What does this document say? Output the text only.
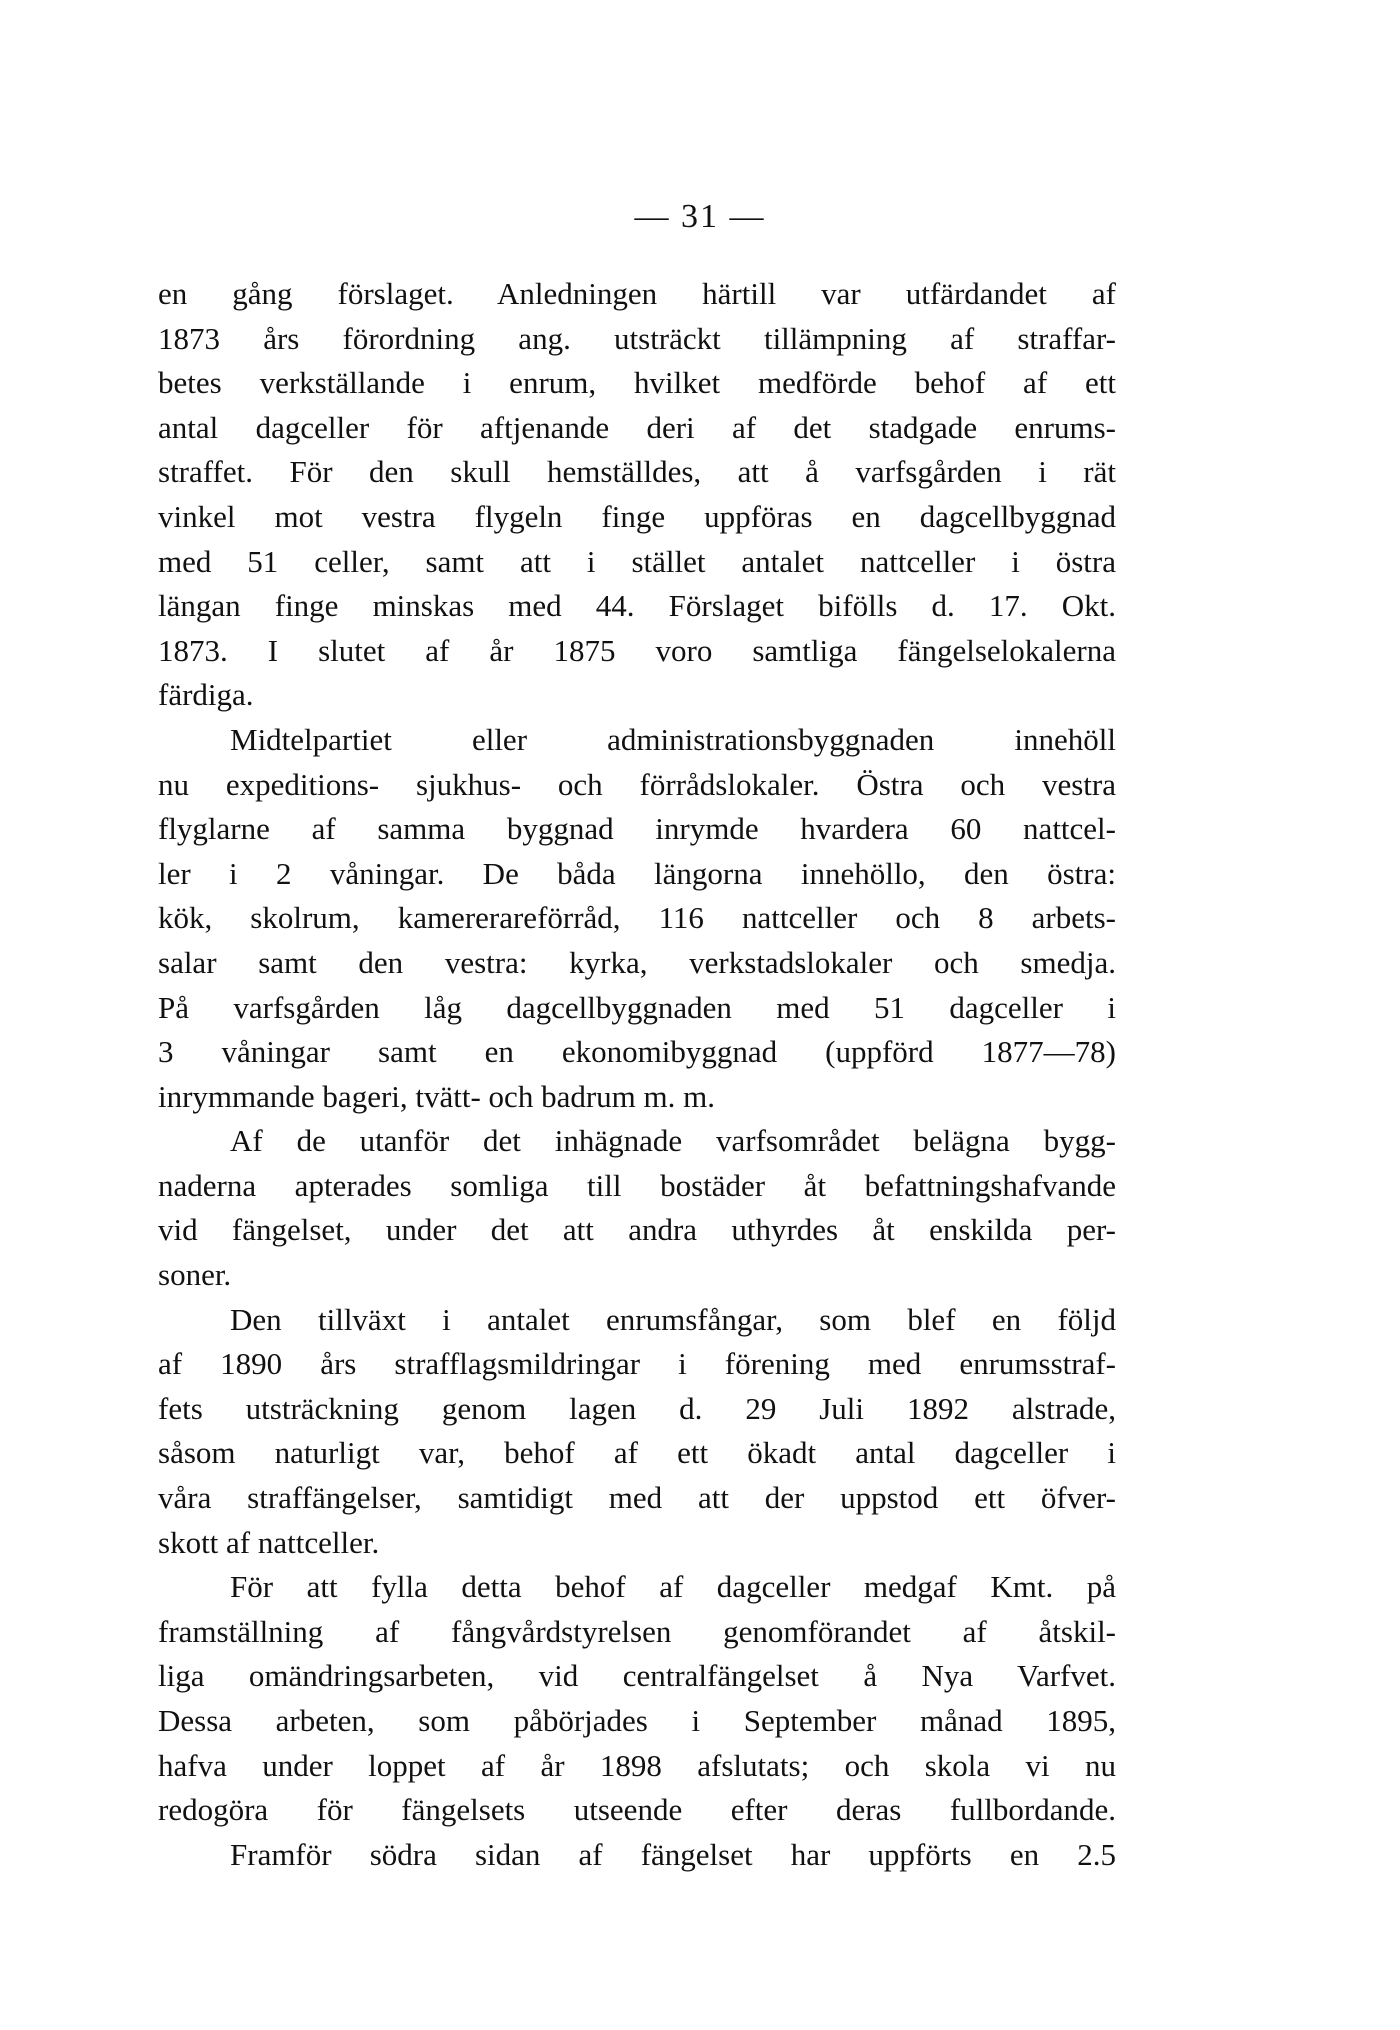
— 31 —
en gång förslaget. Anledningen härtill var utfärdandet af
1873 års förordning ang. utsträckt tillämpning af straffar-
betes verkställande i enrum, hvilket medförde behof af ett
antal dagceller för aftjenande deri af det stadgade enrums-
straffet. För den skull hemställdes, att å varfsgården i rät
vinkel mot vestra flygeln finge uppföras en dagcellbyggnad
med 51 celler, samt att i stället antalet nattceller i östra
längan finge minskas med 44. Förslaget bifölls d. 17. Okt.
1873. I slutet af år 1875 voro samtliga fängelselokalerna
färdiga.
Midtelpartiet eller administrationsbyggnaden innehöll
nu expeditions- sjukhus- och förrådslokaler. Östra och vestra
flyglarne af samma byggnad inrymde hvardera 60 nattcel-
ler i 2 våningar. De båda längorna innehöllo, den östra:
kök, skolrum, kamererareförråd, 116 nattceller och 8 arbets-
salar samt den vestra: kyrka, verkstadslokaler och smedja.
På varfsgården låg dagcellbyggnaden med 51 dagceller i
3 våningar samt en ekonomibyggnad (uppförd 1877—78)
inrymmande bageri, tvätt- och badrum m. m.
Af de utanför det inhägnade varfsområdet belägna bygg-
naderna apterades somliga till bostäder åt befattningshafvande
vid fängelset, under det att andra uthyrdes åt enskilda per-
soner.
Den tillväxt i antalet enrumsfångar, som blef en följd
af 1890 års strafflagsmildringar i förening med enrumsstraf-
fets utsträckning genom lagen d. 29 Juli 1892 alstrade,
såsom naturligt var, behof af ett ökadt antal dagceller i
våra straffängelser, samtidigt med att der uppstod ett öfver-
skott af nattceller.
För att fylla detta behof af dagceller medgaf Kmt. på
framställning af fångvårdstyrelsen genomförandet af åtskil-
liga omändringsarbeten, vid centralfängelset å Nya Varfvet.
Dessa arbeten, som påbörjades i September månad 1895,
hafva under loppet af år 1898 afslutats; och skola vi nu
redogöra för fängelsets utseende efter deras fullbordande.
Framför södra sidan af fängelset har uppförts en 2.5
